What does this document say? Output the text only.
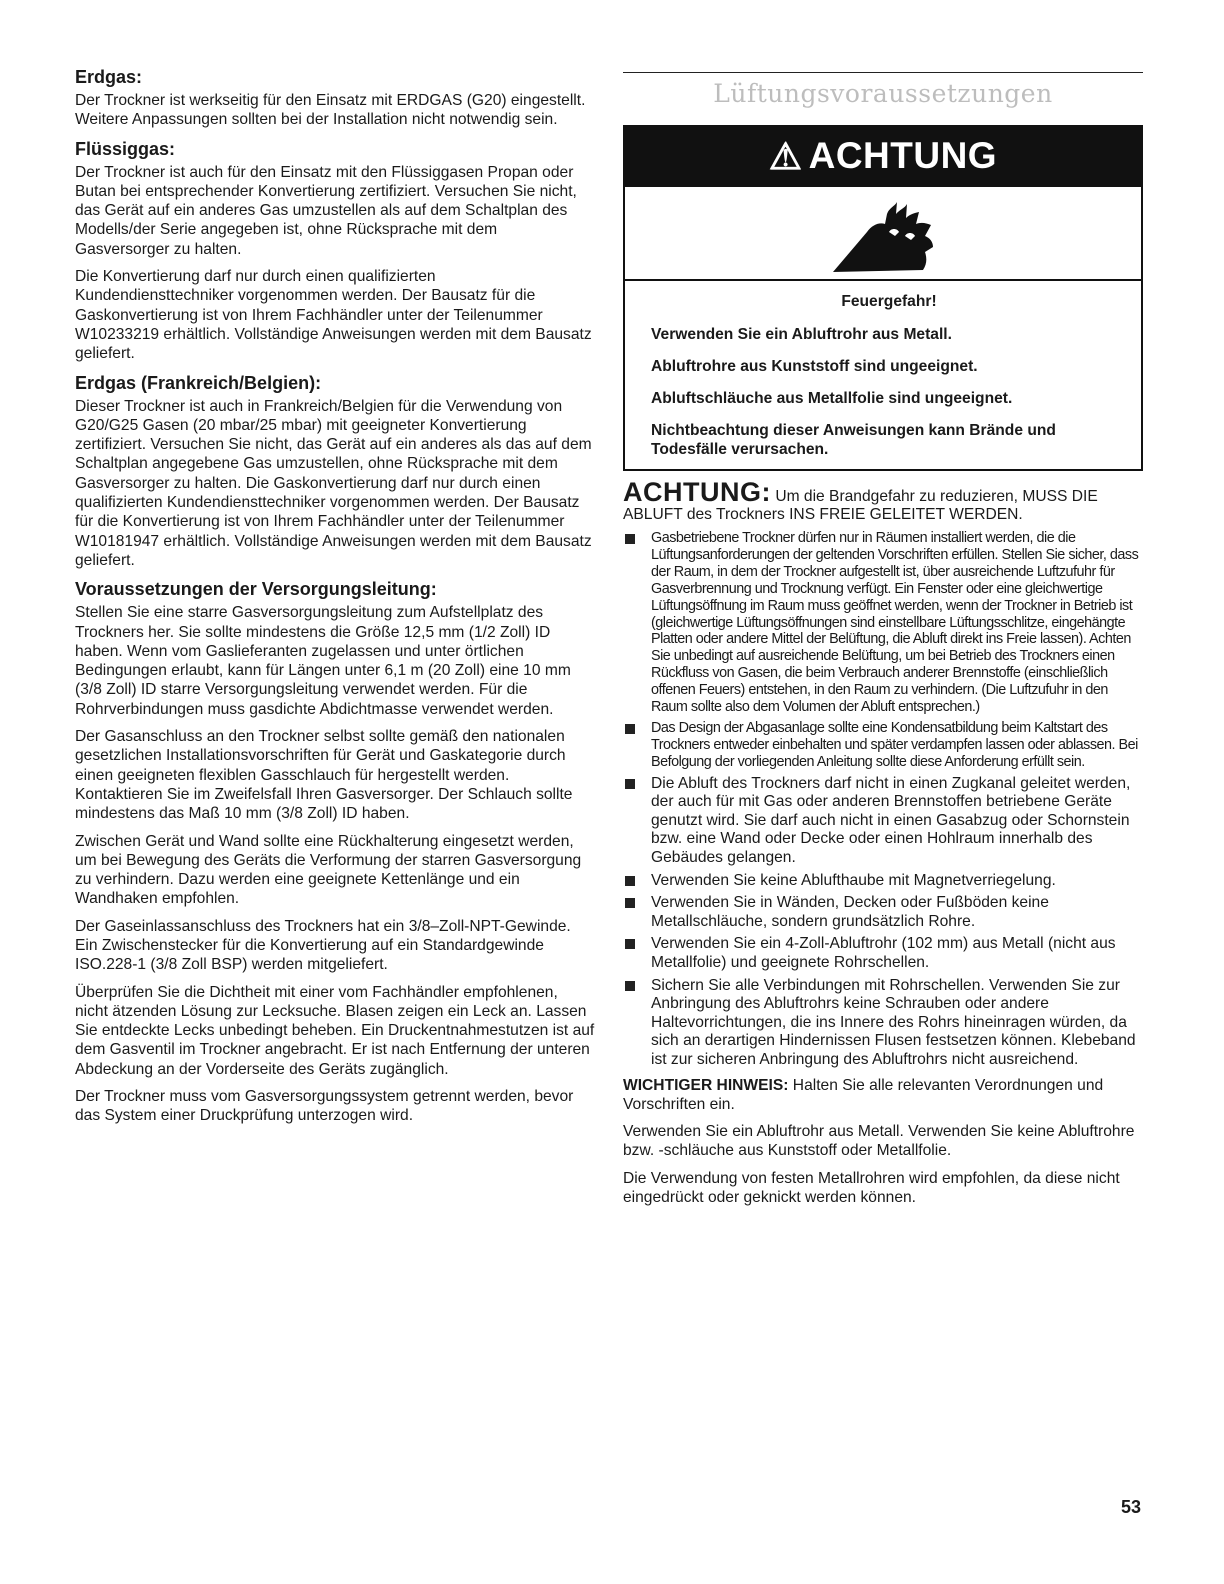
Erdgas:

Der Trockner ist werkseitig für den Einsatz mit ERDGAS (G20) eingestellt. Weitere Anpassungen sollten bei der Installation nicht notwendig sein.

Flüssiggas:

Der Trockner ist auch für den Einsatz mit den Flüssiggasen Propan oder Butan bei entsprechender Konvertierung zertifiziert. Versuchen Sie nicht, das Gerät auf ein anderes Gas umzustellen als auf dem Schaltplan des Modells/der Serie angegeben ist, ohne Rücksprache mit dem Gasversorger zu halten.

Die Konvertierung darf nur durch einen qualifizierten Kundendiensttechniker vorgenommen werden. Der Bausatz für die Gaskonvertierung ist von Ihrem Fachhändler unter der Teilenummer W10233219 erhältlich. Vollständige Anweisungen werden mit dem Bausatz geliefert.

Erdgas (Frankreich/Belgien):

Dieser Trockner ist auch in Frankreich/Belgien für die Verwendung von G20/G25 Gasen (20 mbar/25 mbar) mit geeigneter Konvertierung zertifiziert. Versuchen Sie nicht, das Gerät auf ein anderes als das auf dem Schaltplan angegebene Gas umzustellen, ohne Rücksprache mit dem Gasversorger zu halten. Die Gaskonvertierung darf nur durch einen qualifizierten Kundendiensttechniker vorgenommen werden. Der Bausatz für die Konvertierung ist von Ihrem Fachhändler unter der Teilenummer W10181947 erhältlich. Vollständige Anweisungen werden mit dem Bausatz geliefert.

Voraussetzungen der Versorgungsleitung:

Stellen Sie eine starre Gasversorgungsleitung zum Aufstellplatz des Trockners her. Sie sollte mindestens die Größe 12,5 mm (1/2 Zoll) ID haben. Wenn vom Gaslieferanten zugelassen und unter örtlichen Bedingungen erlaubt, kann für Längen unter 6,1 m (20 Zoll) eine 10 mm (3/8 Zoll) ID starre Versorgungsleitung verwendet werden. Für die Rohrverbindungen muss gasdichte Abdichtmasse verwendet werden.

Der Gasanschluss an den Trockner selbst sollte gemäß den nationalen gesetzlichen Installationsvorschriften für Gerät und Gaskategorie durch einen geeigneten flexiblen Gasschlauch für hergestellt werden. Kontaktieren Sie im Zweifelsfall Ihren Gasversorger. Der Schlauch sollte mindestens das Maß 10 mm (3/8 Zoll) ID haben.

Zwischen Gerät und Wand sollte eine Rückhalterung eingesetzt werden, um bei Bewegung des Geräts die Verformung der starren Gasversorgung zu verhindern. Dazu werden eine geeignete Kettenlänge und ein Wandhaken empfohlen.

Der Gaseinlassanschluss des Trockners hat ein 3/8–Zoll-NPT-Gewinde. Ein Zwischenstecker für die Konvertierung auf ein Standardgewinde ISO.228-1 (3/8 Zoll BSP) werden mitgeliefert.

Überprüfen Sie die Dichtheit mit einer vom Fachhändler empfohlenen, nicht ätzenden Lösung zur Lecksuche. Blasen zeigen ein Leck an. Lassen Sie entdeckte Lecks unbedingt beheben. Ein Druckentnahmestutzen ist auf dem Gasventil im Trockner angebracht. Er ist nach Entfernung der unteren Abdeckung an der Vorderseite des Geräts zugänglich.

Der Trockner muss vom Gasversorgungssystem getrennt werden, bevor das System einer Druckprüfung unterzogen wird.

Lüftungsvoraussetzungen
⚠ ACHTUNG
Feuergefahr!
Verwenden Sie ein Abluftrohr aus Metall.
Abluftrohre aus Kunststoff sind ungeeignet.
Abluftschläuche aus Metallfolie sind ungeeignet.
Nichtbeachtung dieser Anweisungen kann Brände und Todesfälle verursachen.
ACHTUNG: Um die Brandgefahr zu reduzieren, MUSS DIE ABLUFT des Trockners INS FREIE GELEITET WERDEN.
Gasbetriebene Trockner dürfen nur in Räumen installiert werden, die die Lüftungsanforderungen der geltenden Vorschriften erfüllen. Stellen Sie sicher, dass der Raum, in dem der Trockner aufgestellt ist, über ausreichende Luftzufuhr für Gasverbrennung und Trocknung verfügt. Ein Fenster oder eine gleichwertige Lüftungsöffnung im Raum muss geöffnet werden, wenn der Trockner in Betrieb ist (gleichwertige Lüftungsöffnungen sind einstellbare Lüftungsschlitze, eingehängte Platten oder andere Mittel der Belüftung, die Abluft direkt ins Freie lassen). Achten Sie unbedingt auf ausreichende Belüftung, um bei Betrieb des Trockners einen Rückfluss von Gasen, die beim Verbrauch anderer Brennstoffe (einschließlich offenen Feuers) entstehen, in den Raum zu verhindern. (Die Luftzufuhr in den Raum sollte also dem Volumen der Abluft entsprechen.)
Das Design der Abgasanlage sollte eine Kondensatbildung beim Kaltstart des Trockners entweder einbehalten und später verdampfen lassen oder ablassen. Bei Befolgung der vorliegenden Anleitung sollte diese Anforderung erfüllt sein.
Die Abluft des Trockners darf nicht in einen Zugkanal geleitet werden, der auch für mit Gas oder anderen Brennstoffen betriebene Geräte genutzt wird. Sie darf auch nicht in einen Gasabzug oder Schornstein bzw. eine Wand oder Decke oder einen Hohlraum innerhalb des Gebäudes gelangen.
Verwenden Sie keine Ablufthaube mit Magnetverriegelung.
Verwenden Sie in Wänden, Decken oder Fußböden keine Metallschläuche, sondern grundsätzlich Rohre.
Verwenden Sie ein 4-Zoll-Abluftrohr (102 mm) aus Metall (nicht aus Metallfolie) und geeignete Rohrschellen.
Sichern Sie alle Verbindungen mit Rohrschellen. Verwenden Sie zur Anbringung des Abluftrohrs keine Schrauben oder andere Haltevorrichtungen, die ins Innere des Rohrs hineinragen würden, da sich an derartigen Hindernissen Flusen festsetzen können. Klebeband ist zur sicheren Anbringung des Abluftrohrs nicht ausreichend.

WICHTIGER HINWEIS: Halten Sie alle relevanten Verordnungen und Vorschriften ein.

Verwenden Sie ein Abluftrohr aus Metall. Verwenden Sie keine Abluftrohre bzw. -schläuche aus Kunststoff oder Metallfolie.

Die Verwendung von festen Metallrohren wird empfohlen, da diese nicht eingedrückt oder geknickt werden können.

53
